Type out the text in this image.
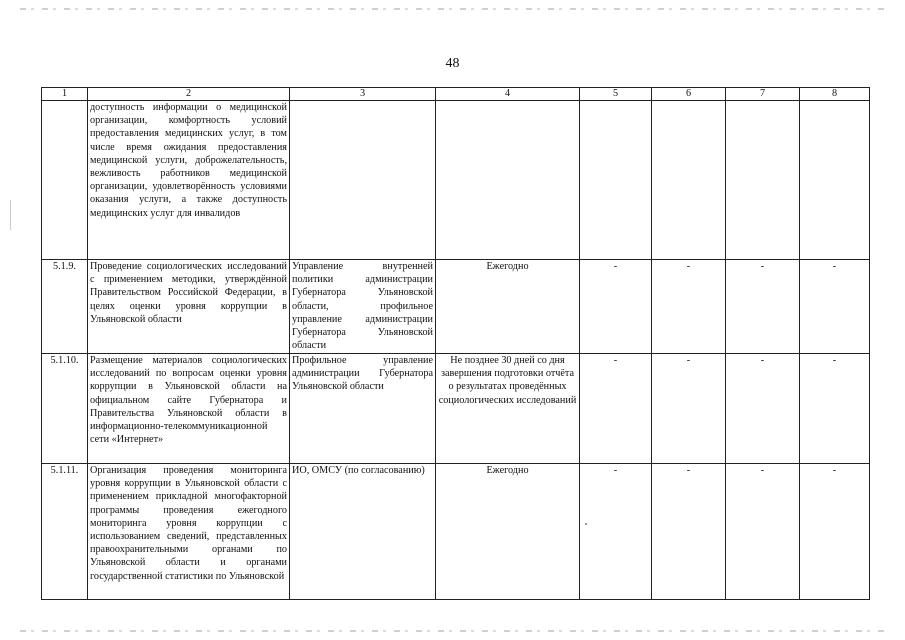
48
1	2	3	4	5	6	7	8
	доступность информации о медицинской организации, комфортность условий предоставления медицинских услуг, в том числе время ожидания предоставления медицинской услуги, доброжелательность, вежливость работников медицинской организации, удовлетворённость условиями оказания услуги, а также доступность медицинских услуг для инвалидов						
5.1.9.	Проведение социологических исследований с применением методики, утверждённой Правительством Российской Федерации, в целях оценки уровня коррупции в Ульяновской области	Управление внутренней политики администрации Губернатора Ульяновской области, профильное управление администрации Губернатора Ульяновской области	Ежегодно	-	-	-	-
5.1.10.	Размещение материалов социологических исследований по вопросам оценки уровня коррупции в Ульяновской области на официальном сайте Губернатора и Правительства Ульяновской области в информационно-телекоммуникационной сети «Интернет»	Профильное управление администрации Губернатора Ульяновской области	Не позднее 30 дней со дня завершения подготовки отчёта о результатах проведённых социологических исследований	-	-	-	-
5.1.11.	Организация проведения мониторинга уровня коррупции в Ульяновской области с применением прикладной многофакторной программы проведения ежегодного мониторинга уровня коррупции с использованием сведений, представленных правоохранительными органами по Ульяновской области и органами государственной статистики по Ульяновской	ИО, ОМСУ (по согласованию)	Ежегодно	-	-	-	-
